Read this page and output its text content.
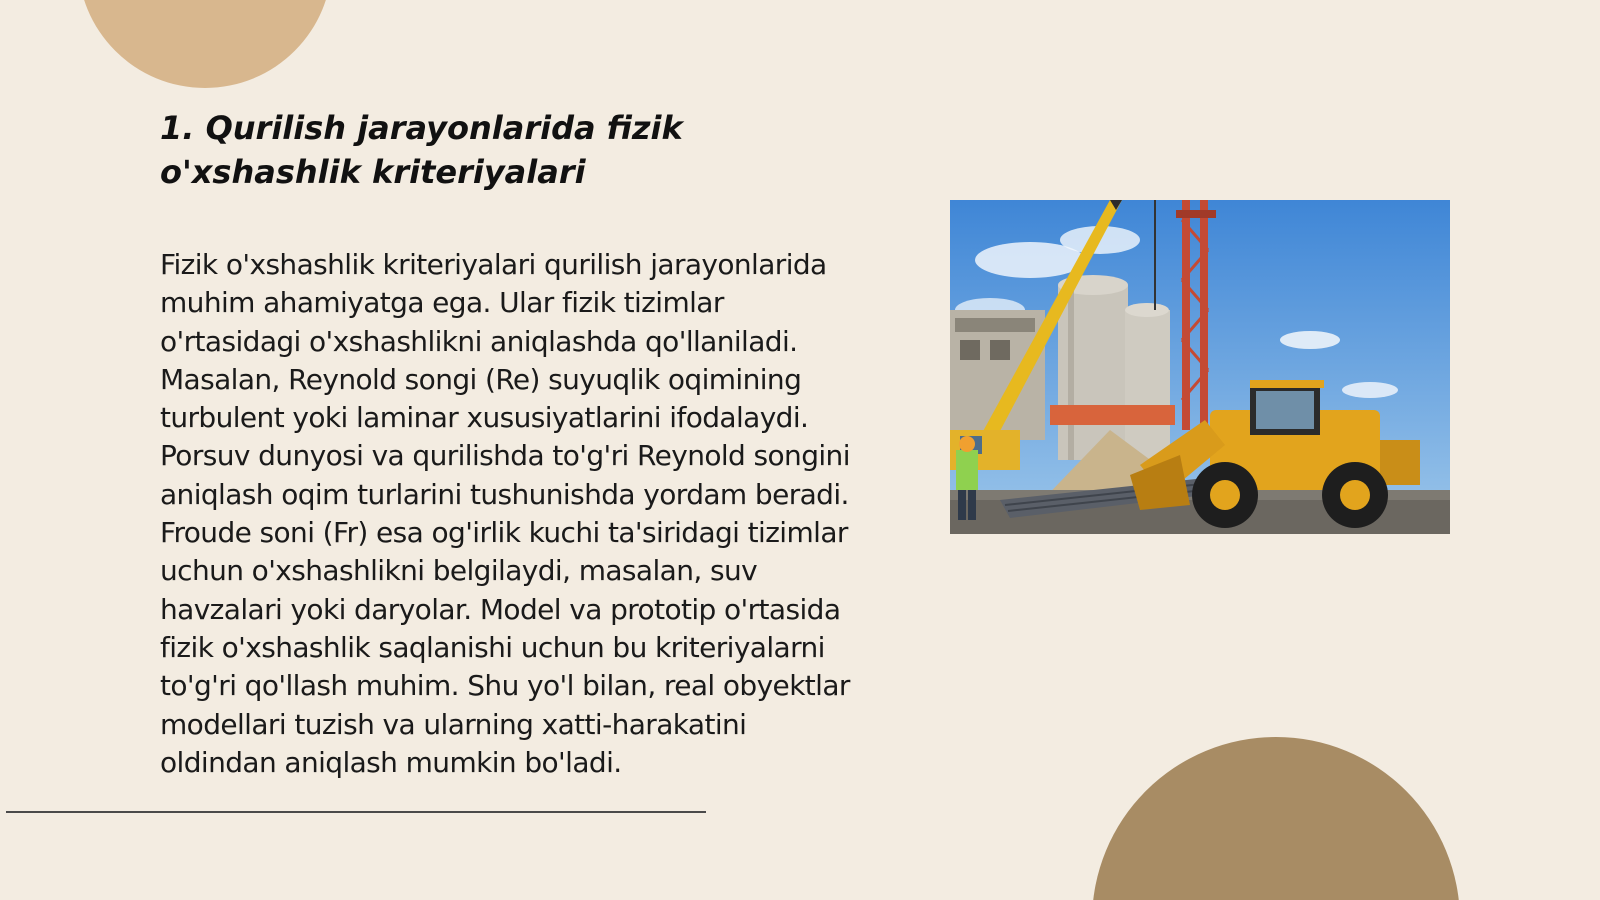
1. Qurilish jarayonlarida fizik o'xshashlik kriteriyalari

Fizik o'xshashlik kriteriyalari qurilish jarayonlarida muhim ahamiyatga ega. Ular fizik tizimlar o'rtasidagi o'xshashlikni aniqlashda qo'llaniladi. Masalan, Reynold songi (Re) suyuqlik oqimining turbulent yoki laminar xususiyatlarini ifodalaydi. Porsuv dunyosi va qurilishda to'g'ri Reynold songini aniqlash oqim turlarini tushunishda yordam beradi. Froude soni (Fr) esa og'irlik kuchi ta'siridagi tizimlar uchun o'xshashlikni belgilaydi, masalan, suv havzalari yoki daryolar. Model va prototip o'rtasida fizik o'xshashlik saqlanishi uchun bu kriteriyalarni to'g'ri qo'llash muhim. Shu yo'l bilan, real obyektlar modellari tuzish va ularning xatti-harakatini oldindan aniqlash mumkin bo'ladi.
